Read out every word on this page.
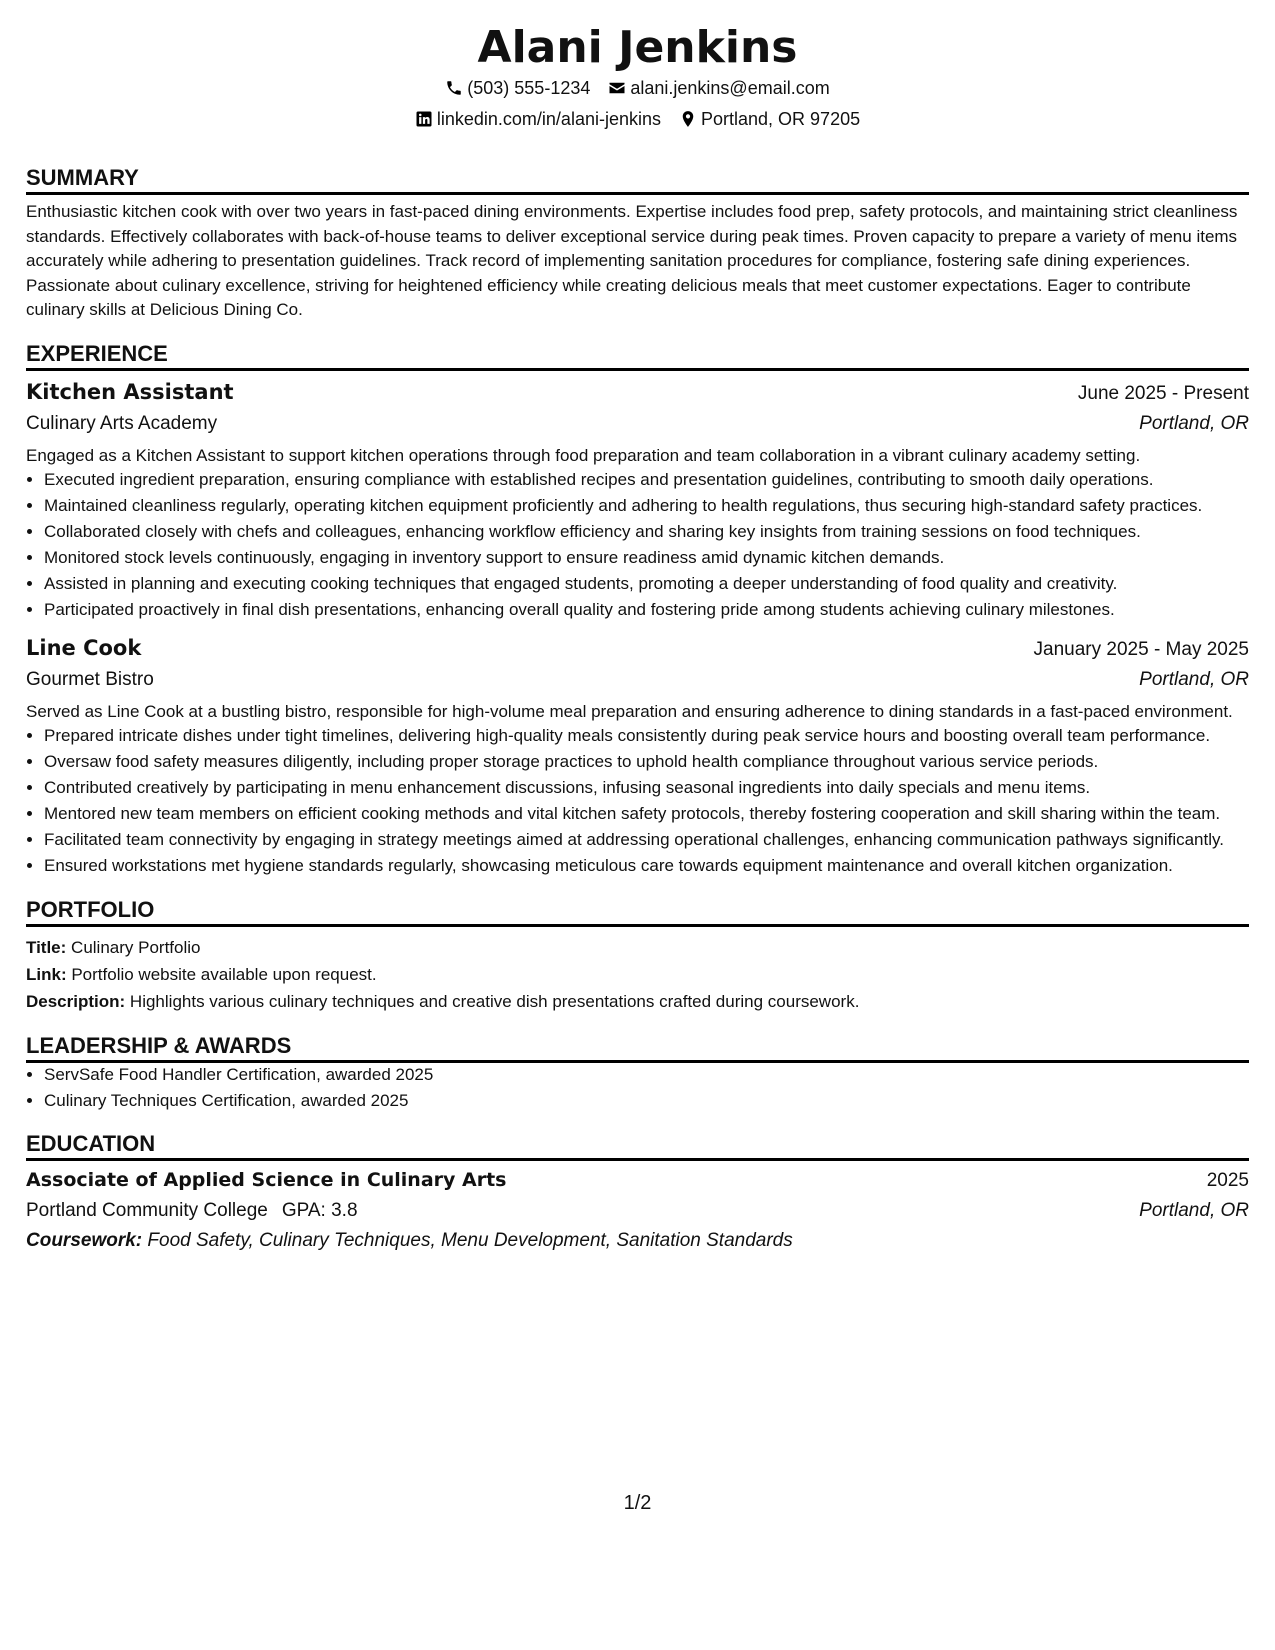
Alani Jenkins
(503) 555-1234 alani.jenkins@email.com
linkedin.com/in/alani-jenkins Portland, OR 97205
SUMMARY

Enthusiastic kitchen cook with over two years in fast-paced dining environments. Expertise includes food prep, safety protocols, and maintaining strict cleanliness standards. Effectively collaborates with back-of-house teams to deliver exceptional service during peak times. Proven capacity to prepare a variety of menu items accurately while adhering to presentation guidelines. Track record of implementing sanitation procedures for compliance, fostering safe dining experiences. Passionate about culinary excellence, striving for heightened efficiency while creating delicious meals that meet customer expectations. Eager to contribute culinary skills at Delicious Dining Co.

EXPERIENCE
Kitchen Assistant	June 2025 - Present
Culinary Arts Academy	Portland, OR

Engaged as a Kitchen Assistant to support kitchen operations through food preparation and team collaboration in a vibrant culinary academy setting.

• Executed ingredient preparation, ensuring compliance with established recipes and presentation guidelines, contributing to smooth daily operations.
• Maintained cleanliness regularly, operating kitchen equipment proficiently and adhering to health regulations, thus securing high-standard safety practices.
• Collaborated closely with chefs and colleagues, enhancing workflow efficiency and sharing key insights from training sessions on food techniques.
• Monitored stock levels continuously, engaging in inventory support to ensure readiness amid dynamic kitchen demands.
• Assisted in planning and executing cooking techniques that engaged students, promoting a deeper understanding of food quality and creativity.
• Participated proactively in final dish presentations, enhancing overall quality and fostering pride among students achieving culinary milestones.
Line Cook	January 2025 - May 2025
Gourmet Bistro	Portland, OR

Served as Line Cook at a bustling bistro, responsible for high-volume meal preparation and ensuring adherence to dining standards in a fast-paced environment.

• Prepared intricate dishes under tight timelines, delivering high-quality meals consistently during peak service hours and boosting overall team performance.
• Oversaw food safety measures diligently, including proper storage practices to uphold health compliance throughout various service periods.
• Contributed creatively by participating in menu enhancement discussions, infusing seasonal ingredients into daily specials and menu items.
• Mentored new team members on efficient cooking methods and vital kitchen safety protocols, thereby fostering cooperation and skill sharing within the team.
• Facilitated team connectivity by engaging in strategy meetings aimed at addressing operational challenges, enhancing communication pathways significantly.
• Ensured workstations met hygiene standards regularly, showcasing meticulous care towards equipment maintenance and overall kitchen organization.
PORTFOLIO

Title: Culinary Portfolio

Link: Portfolio website available upon request.

Description: Highlights various culinary techniques and creative dish presentations crafted during coursework.

LEADERSHIP & AWARDS
• ServSafe Food Handler Certification, awarded 2025
• Culinary Techniques Certification, awarded 2025
EDUCATION
Associate of Applied Science in Culinary Arts	2025
Portland Community College GPA: 3.8	Portland, OR
Coursework: Food Safety, Culinary Techniques, Menu Development, Sanitation Standards
1/2
